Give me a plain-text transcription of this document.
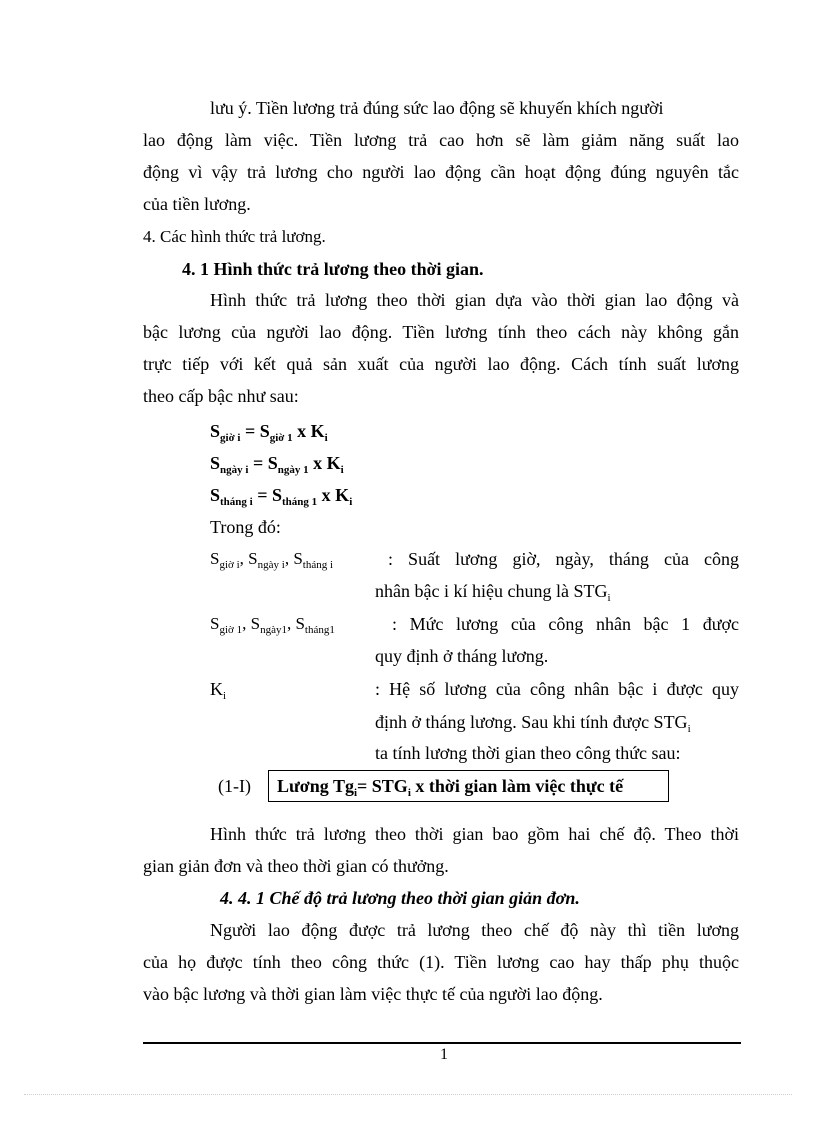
lưu ý. Tiền lương trả đúng sức lao động sẽ khuyến khích người
lao động làm việc. Tiền lương trả cao hơn sẽ làm giảm năng suất lao
động vì vậy trả lương cho người lao động cần hoạt động đúng nguyên tắc
của tiền lương.
4. Các hình thức trả lương.
4. 1 Hình thức trả lương theo thời gian.
Hình thức trả lương theo thời gian dựa vào thời gian lao động và
bậc lương của người lao động. Tiền lương tính theo cách này không gắn
trực tiếp với kết quả sản xuất của người lao động. Cách tính suất lương
theo cấp bậc như sau:
$S_{giờ i} = S_{giờ 1}$ x $K_i$
$S_{ngày i} = S_{ngày 1}$ x $K_i$
$S_{tháng i} = S_{tháng 1}$ x $K_i$
Trong đó:
$S_{giờ i}$, $S_{ngày i}$, $S_{tháng i}$	: Suất lương giờ, ngày, tháng của công
nhân bậc i kí hiệu chung là $STG_i$
$S_{giờ 1}$, $S_{ngày1}$, $S_{tháng1}$	: Mức lương của công nhân bậc 1 được
quy định ở tháng lương.
$K_i$	: Hệ số lương của công nhân bậc i được quy
định ở tháng lương. Sau khi tính được $STG_i$
ta tính lương thời gian theo công thức sau:
(1-I)	Lương $Tg_i= STG_i$ x thời gian làm việc thực tế
Hình thức trả lương theo thời gian bao gồm hai chế độ. Theo thời
gian giản đơn và theo thời gian có thưởng.
4. 4. 1 Chế độ trả lương theo thời gian giản đơn.
Người lao động được trả lương theo chế độ này thì tiền lương
của họ được tính theo công thức (1). Tiền lương cao hay thấp phụ thuộc
vào bậc lương và thời gian làm việc thực tế của người lao động.
1
